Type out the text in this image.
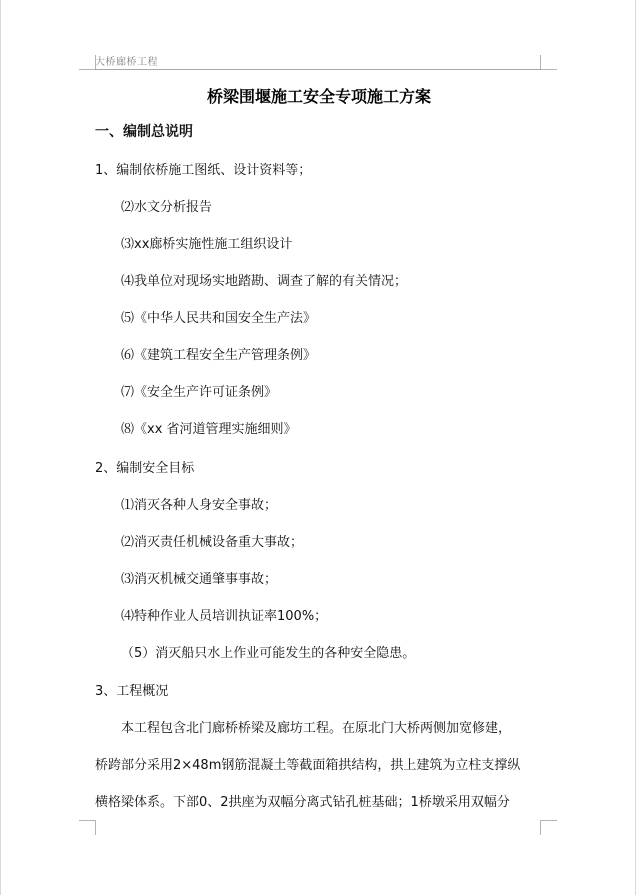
大桥廊桥工程
桥梁围堰施工安全专项施工方案
一、编制总说明
1、编制依桥施工图纸、设计资料等；
⑵水文分析报告
⑶xx廊桥实施性施工组织设计
⑷我单位对现场实地踏勘、调查了解的有关情况；
⑸《中华人民共和国安全生产法》
⑹《建筑工程安全生产管理条例》
⑺《安全生产许可证条例》
⑻《xx 省河道管理实施细则》
2、编制安全目标
⑴消灭各种人身安全事故；
⑵消灭责任机械设备重大事故；
⑶消灭机械交通肇事事故；
⑷特种作业人员培训执证率100%；
（5）消灭船只水上作业可能发生的各种安全隐患。
3、工程概况
本工程包含北门廊桥桥梁及廊坊工程。在原北门大桥两侧加宽修建，
桥跨部分采用2×48m钢筋混凝土等截面箱拱结构，拱上建筑为立柱支撑纵
横格梁体系。下部0、2拱座为双幅分离式钻孔桩基础；1桥墩采用双幅分
